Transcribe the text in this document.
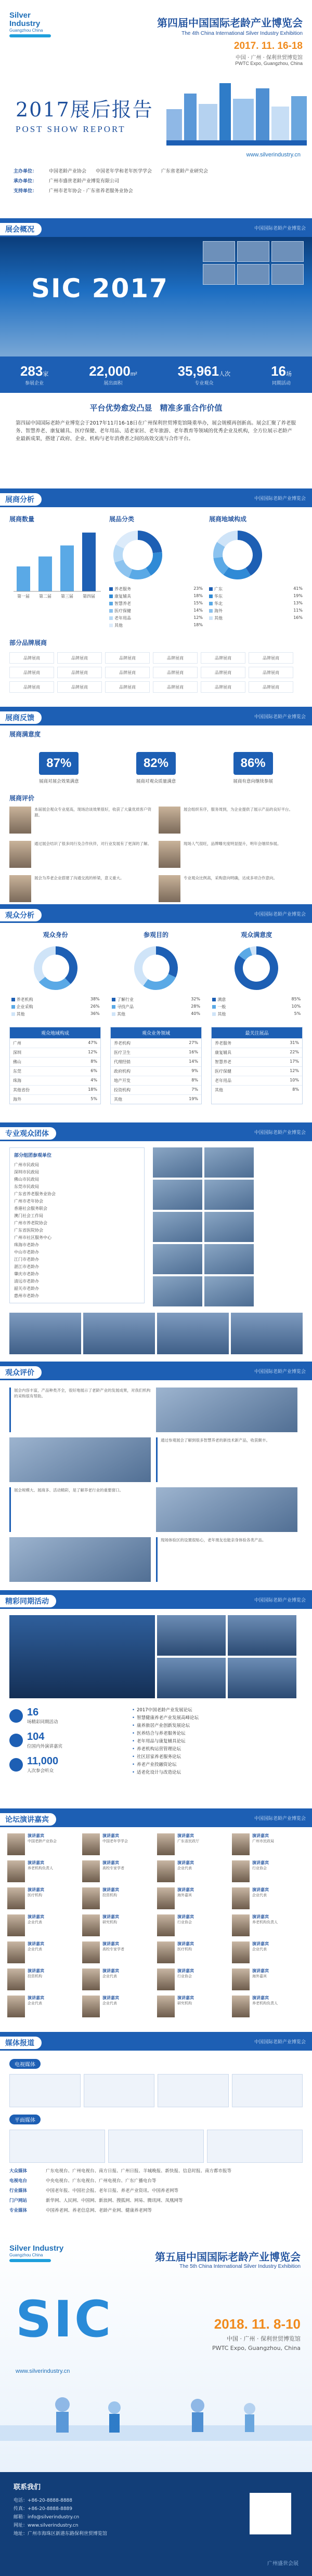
Silver Industry
Guangzhou China
第四届中国国际老龄产业博览会
The 4th China International Silver Industry Exhibition
2017. 11. 16-18
中国 · 广州 · 保利世贸博览馆
PWTC Expo, Guangzhou, China
2017展后报告
POST SHOW REPORT
www.silverindustry.cn
主办单位：	中国老龄产业协会　　中国老年学和老年医学学会　　广东省老龄产业研究会
承办单位：	广州市盛世老龄产业博览有限公司
支持单位：	广州市老年协会 · 广东省养老服务业协会
展会概况	中国国际老龄产业博览会
SIC 2017
283家
参展企业
22,000m²
展出面积
35,961人次
专业观众
16场
同期活动
平台优势愈发凸显　精准多重合作价值
第四届中国国际老龄产业博览会于2017年11月16-18日在广州保利世贸博览馆隆重举办，展会规模再创新高。展会汇聚了养老服务、智慧养老、康复辅具、医疗保健、老年用品、适老家居、老年旅游、老年教育等领域的优秀企业及机构，全方位展示老龄产业最新成果，搭建了政府、企业、机构与老年消费者之间的高效交流与合作平台。
展商分析	中国国际老龄产业博览会
展商数量
第一届 第二届 第三届 第四届
展品分类
养老服务	23%
康复辅具	18%
智慧养老	15%
医疗保健	14%
老年用品	12%
其他	18%
展商地域构成
广东	41%
华东	19%
华北	13%
海外	11%
其他	16%
部分品牌展商
品牌展商	品牌展商	品牌展商	品牌展商	品牌展商	品牌展商
品牌展商	品牌展商	品牌展商	品牌展商	品牌展商	品牌展商
品牌展商	品牌展商	品牌展商	品牌展商	品牌展商	品牌展商
展商反馈	中国国际老龄产业博览会
展商满意度
87%
展商对展会效果满意
82%
展商对观众质量满意
86%
展商有意向继续参展
展商评价
本届展会观众专业度高，现场洽谈效果很好，收获了大量优质客户资源。
展会组织有序，服务周到，为企业提供了展示产品的良好平台。
通过展会结识了很多同行及合作伙伴，对行业发展有了更深的了解。	现场人气很旺，品牌曝光度明显提升，明年会继续参展。
展会为养老企业搭建了沟通交流的桥梁，意义重大。	专业观众比例高，采购意向明确，达成多项合作意向。
观众分析	中国国际老龄产业博览会
观众身份
养老机构	38%
企业采购	26%
其他	36%
参观目的
了解行业	32%
寻找产品	28%
其他	40%
观众满意度
满意	85%
一般	10%
其他	5%
观众地域构成
广州	47%
深圳	12%
佛山	8%
东莞	6%
珠海	4%
其他省份	18%
海外	5%
观众业务领域
养老机构	27%
医疗卫生	16%
代理经销	14%
政府机构	9%
地产开发	8%
投资机构	7%
其他	19%
最关注展品
养老服务	31%
康复辅具	22%
智慧养老	17%
医疗保健	12%
老年用品	10%
其他	8%
专业观众团体	中国国际老龄产业博览会
部分组团参观单位
广州市民政局
深圳市民政局
佛山市民政局
东莞市民政局
广东省养老服务业协会
广州市老年协会
香港社会服务联会
澳门社会工作局
广州市养老院协会
广东省医院协会
广州市社区服务中心
珠海市老龄办
中山市老龄办
江门市老龄办
湛江市老龄办
肇庆市老龄办
清远市老龄办
韶关市老龄办
惠州市老龄办
观众评价	中国国际老龄产业博览会
展会内容丰富，产品种类齐全，很好地展示了老龄产业的发展成果，对我们机构的采购很有帮助。
通过参观展会了解到很多智慧养老的新技术新产品，收获颇丰。
展会规模大、展商多、活动精彩，是了解养老行业的重要窗口。
现场体验区的设置很贴心，老年朋友也能亲身体验各类产品。
精彩同期活动	中国国际老龄产业博览会
16
场精彩同期活动
104
位国内外演讲嘉宾
11,000
人次参会听众
• 2017中国老龄产业发展论坛
• 智慧健康养老产业发展高峰论坛
• 康养旅居产业创新发展论坛
• 医养结合与养老服务论坛
• 老年用品与康复辅具论坛
• 养老机构运营管理论坛
• 社区居家养老服务论坛
• 养老产业投融资论坛
• 适老化设计与改造论坛
论坛演讲嘉宾	中国国际老龄产业博览会
演讲嘉宾
中国老龄产业协会
演讲嘉宾
中国老年学学会
演讲嘉宾
广东省民政厅
演讲嘉宾
广州市民政局
演讲嘉宾
养老机构负责人
演讲嘉宾
高校专家学者
演讲嘉宾
企业代表
演讲嘉宾
行业协会
演讲嘉宾
医疗机构
演讲嘉宾
投资机构
演讲嘉宾
海外嘉宾
演讲嘉宾
企业代表
演讲嘉宾
企业代表
演讲嘉宾
研究机构
演讲嘉宾
行业协会
演讲嘉宾
养老机构负责人
演讲嘉宾
企业代表
演讲嘉宾
高校专家学者
演讲嘉宾
医疗机构
演讲嘉宾
企业代表
演讲嘉宾
投资机构
演讲嘉宾
企业代表
演讲嘉宾
行业协会
演讲嘉宾
海外嘉宾
演讲嘉宾
企业代表
演讲嘉宾
企业代表
演讲嘉宾
研究机构
演讲嘉宾
养老机构负责人
媒体报道	中国国际老龄产业博览会
电视媒体
平面媒体
大众媒体	广东电视台、广州电视台、南方日报、广州日报、羊城晚报、新快报、信息时报、南方都市报等
电视电台	中央电视台、广东电视台、广州电视台、广东广播电台等
行业媒体	中国老年报、中国社会报、老年日报、养老产业资讯、中国养老网等
门户网站	新华网、人民网、中国网、新浪网、搜狐网、网易、腾讯网、凤凰网等
专业媒体	中国养老网、养老信息网、老龄产业网、健康养老网等
Silver Industry
Guangzhou China	第五届中国国际老龄产业博览会
The 5th China International Silver Industry Exhibition
SIC	2018. 11. 8-10
中国 · 广州 · 保利世贸博览馆
PWTC Expo, Guangzhou, China
www.silverindustry.cn
联系我们
电话：+86-20-8888-8888
传真：+86-20-8888-8889
邮箱：info@silverindustry.cn
网址：www.silverindustry.cn
地址：广州市海珠区新港东路保利世贸博览馆
广州盛世会展
